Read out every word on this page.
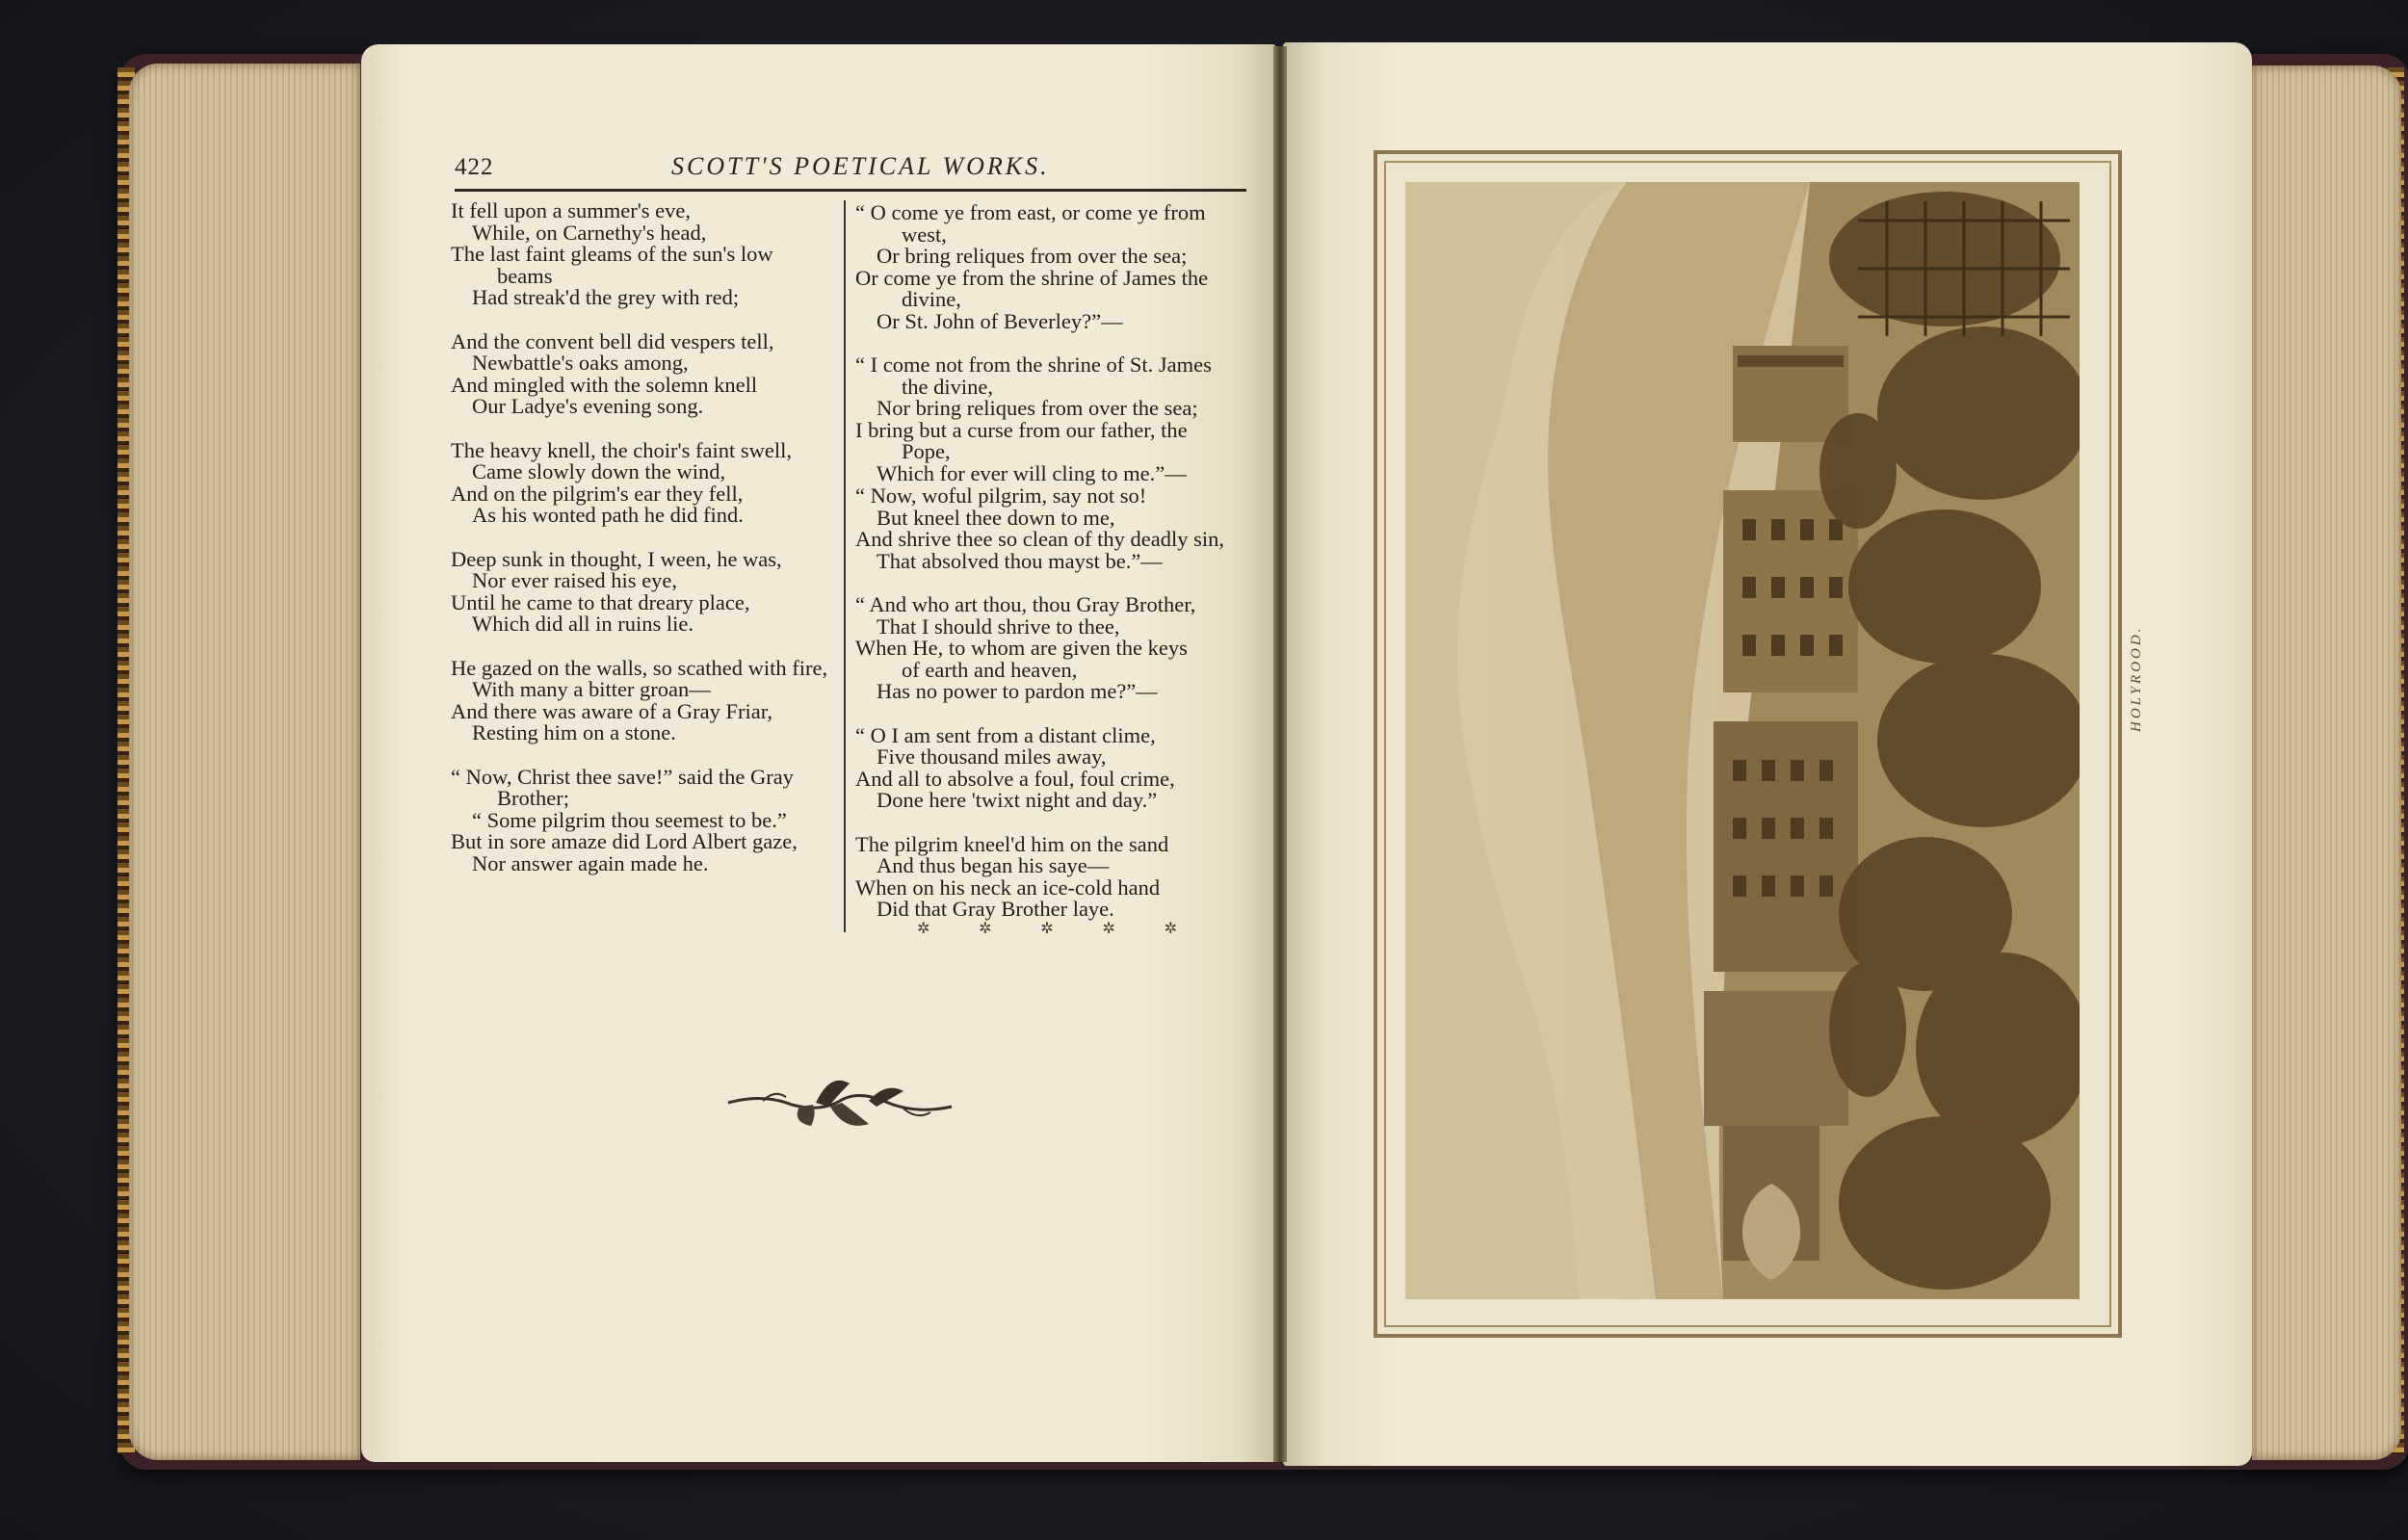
422	SCOTT'S POETICAL WORKS.
It fell upon a summer's eve,
While, on Carnethy's head,
The last faint gleams of the sun's low
beams
Had streak'd the grey with red;
And the convent bell did vespers tell,
Newbattle's oaks among,
And mingled with the solemn knell
Our Ladye's evening song.
The heavy knell, the choir's faint swell,
Came slowly down the wind,
And on the pilgrim's ear they fell,
As his wonted path he did find.
Deep sunk in thought, I ween, he was,
Nor ever raised his eye,
Until he came to that dreary place,
Which did all in ruins lie.
He gazed on the walls, so scathed with fire,
With many a bitter groan—
And there was aware of a Gray Friar,
Resting him on a stone.
“ Now, Christ thee save!” said the Gray
Brother;
“ Some pilgrim thou seemest to be.”
But in sore amaze did Lord Albert gaze,
Nor answer again made he.
“ O come ye from east, or come ye from
west,
Or bring reliques from over the sea;
Or come ye from the shrine of James the
divine,
Or St. John of Beverley?”—
“ I come not from the shrine of St. James
the divine,
Nor bring reliques from over the sea;
I bring but a curse from our father, the
Pope,
Which for ever will cling to me.”—
“ Now, woful pilgrim, say not so!
But kneel thee down to me,
And shrive thee so clean of thy deadly sin,
That absolved thou mayst be.”—
“ And who art thou, thou Gray Brother,
That I should shrive to thee,
When He, to whom are given the keys
of earth and heaven,
Has no power to pardon me?”—
“ O I am sent from a distant clime,
Five thousand miles away,
And all to absolve a foul, foul crime,
Done here 'twixt night and day.”
The pilgrim kneel'd him on the sand
And thus began his saye—
When on his neck an ice-cold hand
Did that Gray Brother laye.
✲	✲	✲	✲	✲
HOLYROOD.
